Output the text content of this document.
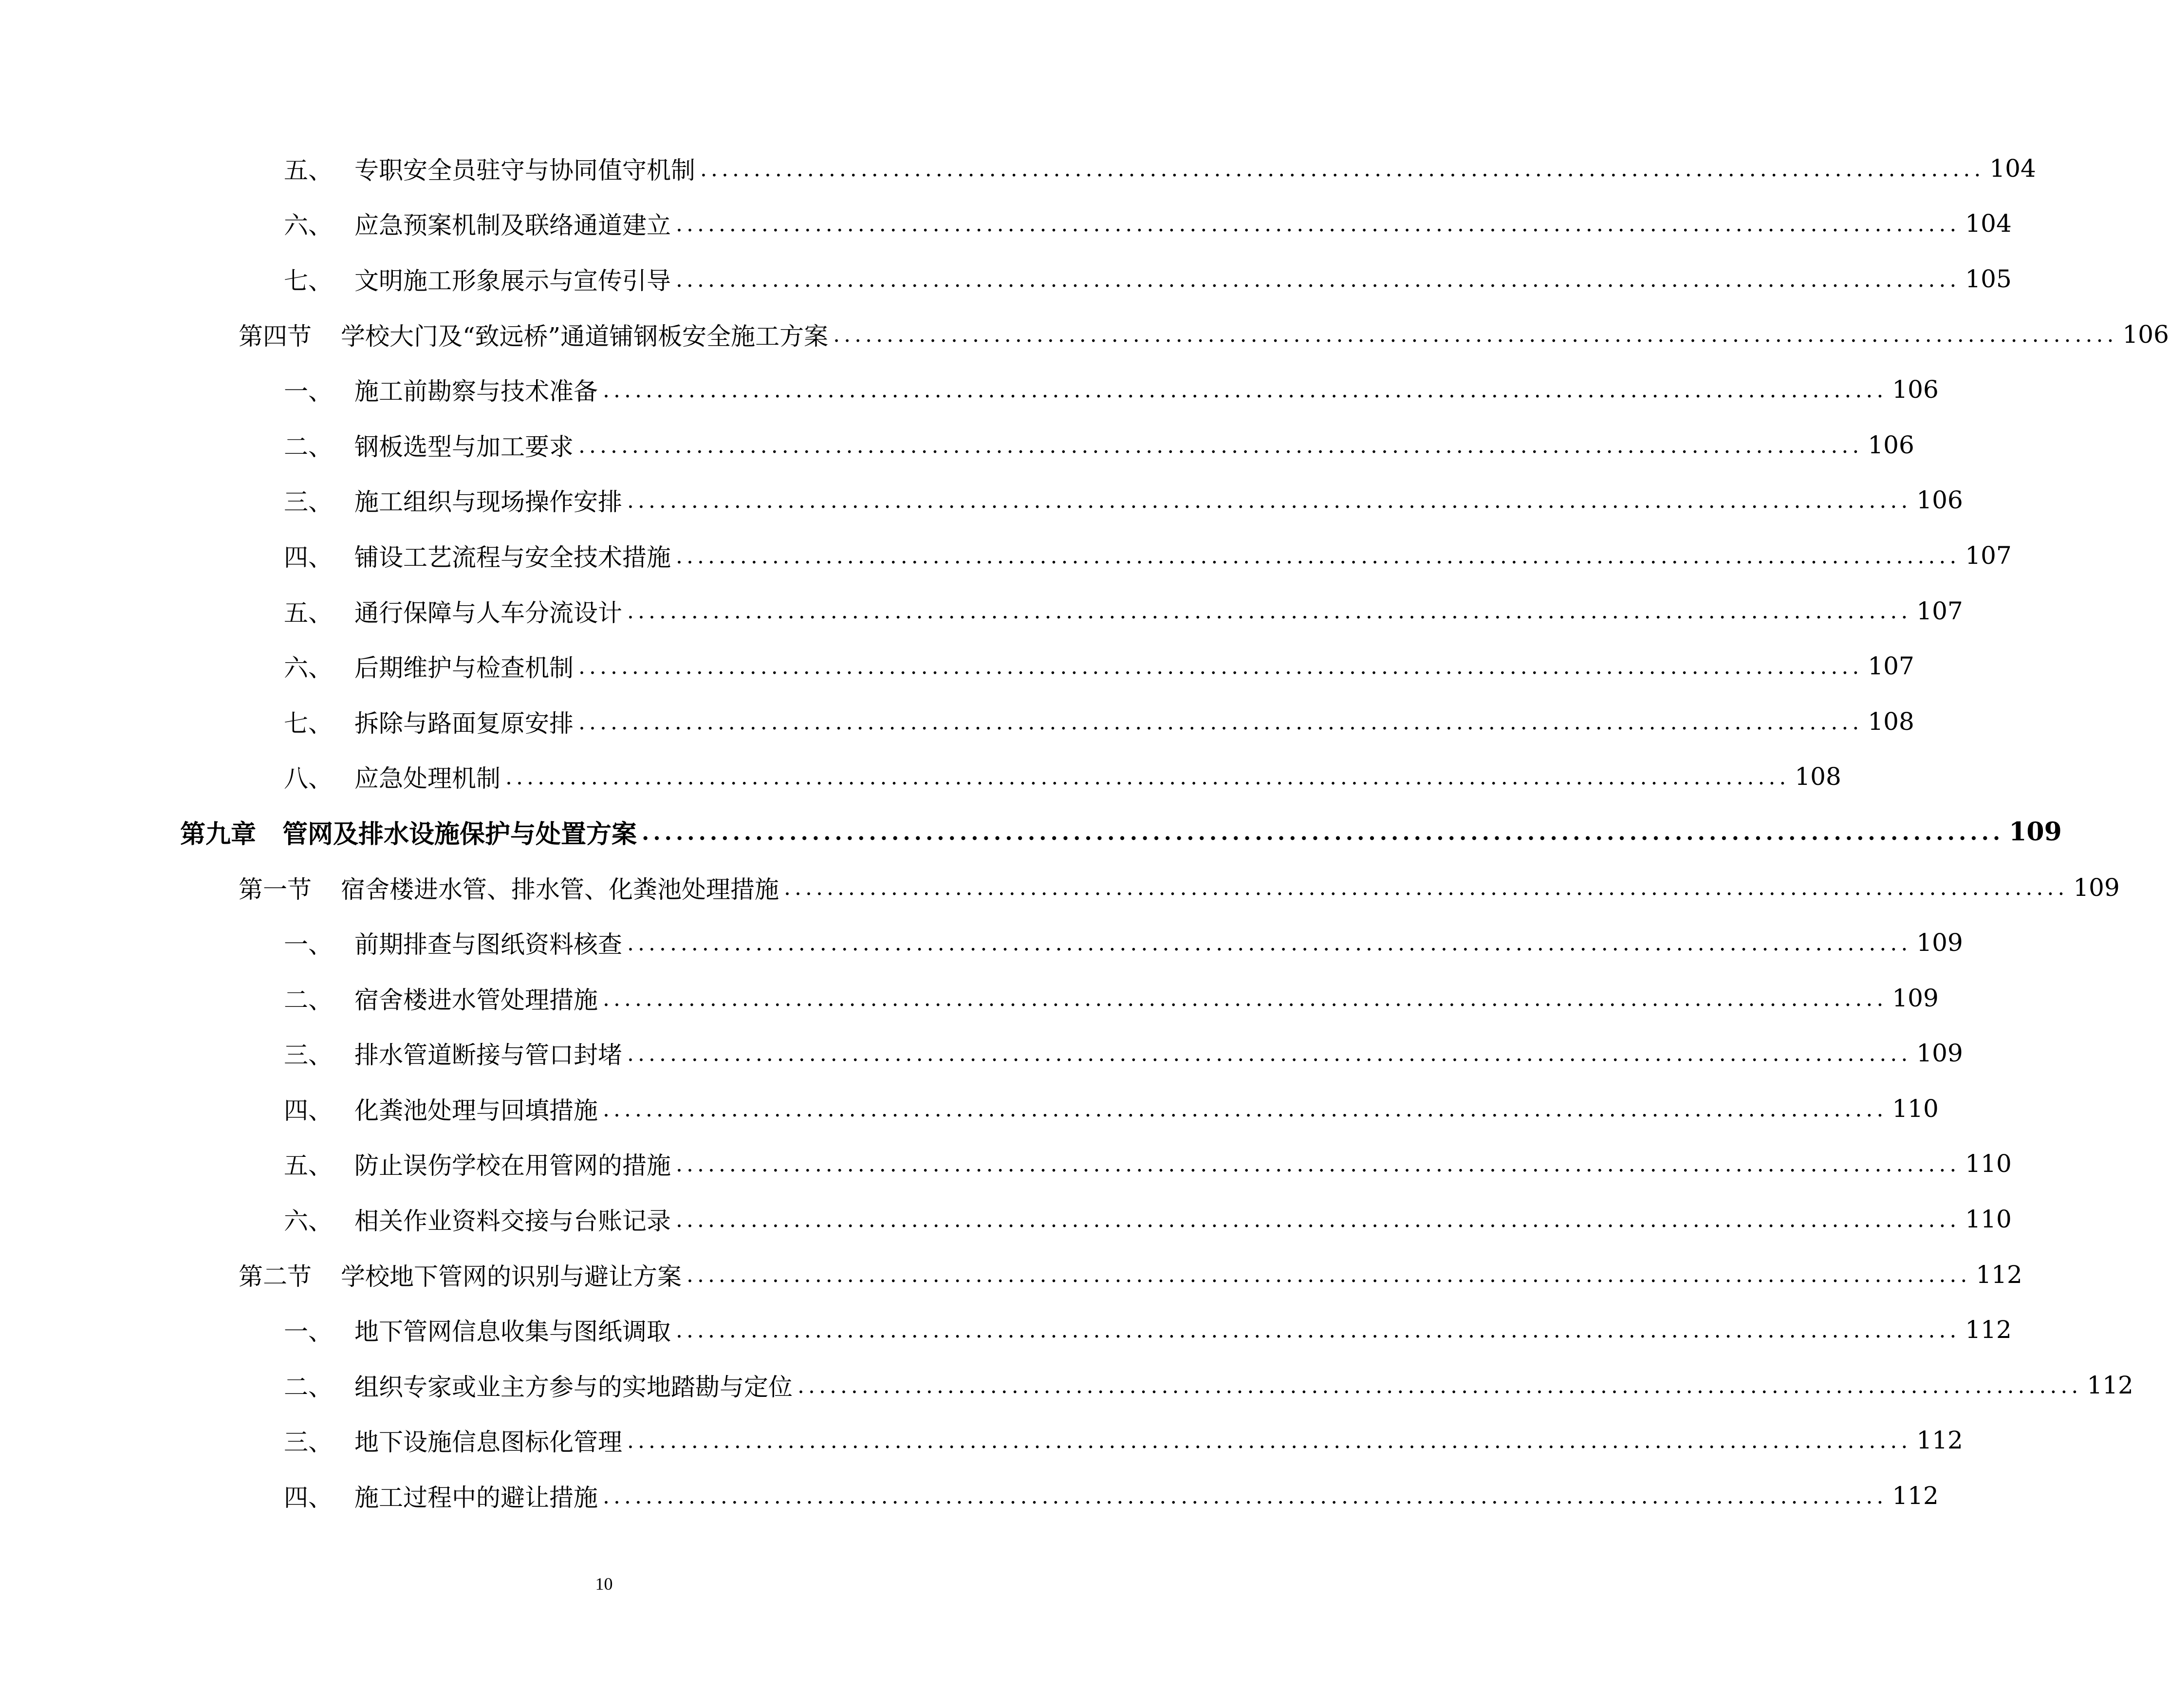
五、 专职安全员驻守与协同值守机制 ........................................................................................................................ 104
六、 应急预案机制及联络通道建立 ........................................................................................................................ 104
七、 文明施工形象展示与宣传引导 ........................................................................................................................ 105
第四节	学校大门及“致远桥”通道铺钢板安全施工方案 ........................................................................................................................ 106
一、 施工前勘察与技术准备 ........................................................................................................................ 106
二、 钢板选型与加工要求 ........................................................................................................................ 106
三、 施工组织与现场操作安排 ........................................................................................................................ 106
四、 铺设工艺流程与安全技术措施 ........................................................................................................................ 107
五、 通行保障与人车分流设计 ........................................................................................................................ 107
六、 后期维护与检查机制 ........................................................................................................................ 107
七、 拆除与路面复原安排 ........................................................................................................................ 108
八、 应急处理机制 ........................................................................................................................ 108
第九章	管网及排水设施保护与处置方案 ........................................................................................................................ 109
第一节	宿舍楼进水管、排水管、化粪池处理措施 ........................................................................................................................ 109
一、 前期排查与图纸资料核查 ........................................................................................................................ 109
二、 宿舍楼进水管处理措施 ........................................................................................................................ 109
三、 排水管道断接与管口封堵 ........................................................................................................................ 109
四、 化粪池处理与回填措施 ........................................................................................................................ 110
五、 防止误伤学校在用管网的措施 ........................................................................................................................ 110
六、 相关作业资料交接与台账记录 ........................................................................................................................ 110
第二节	学校地下管网的识别与避让方案 ........................................................................................................................ 112
一、 地下管网信息收集与图纸调取 ........................................................................................................................ 112
二、 组织专家或业主方参与的实地踏勘与定位 ........................................................................................................................ 112
三、 地下设施信息图标化管理 ........................................................................................................................ 112
四、 施工过程中的避让措施 ........................................................................................................................ 112
10
